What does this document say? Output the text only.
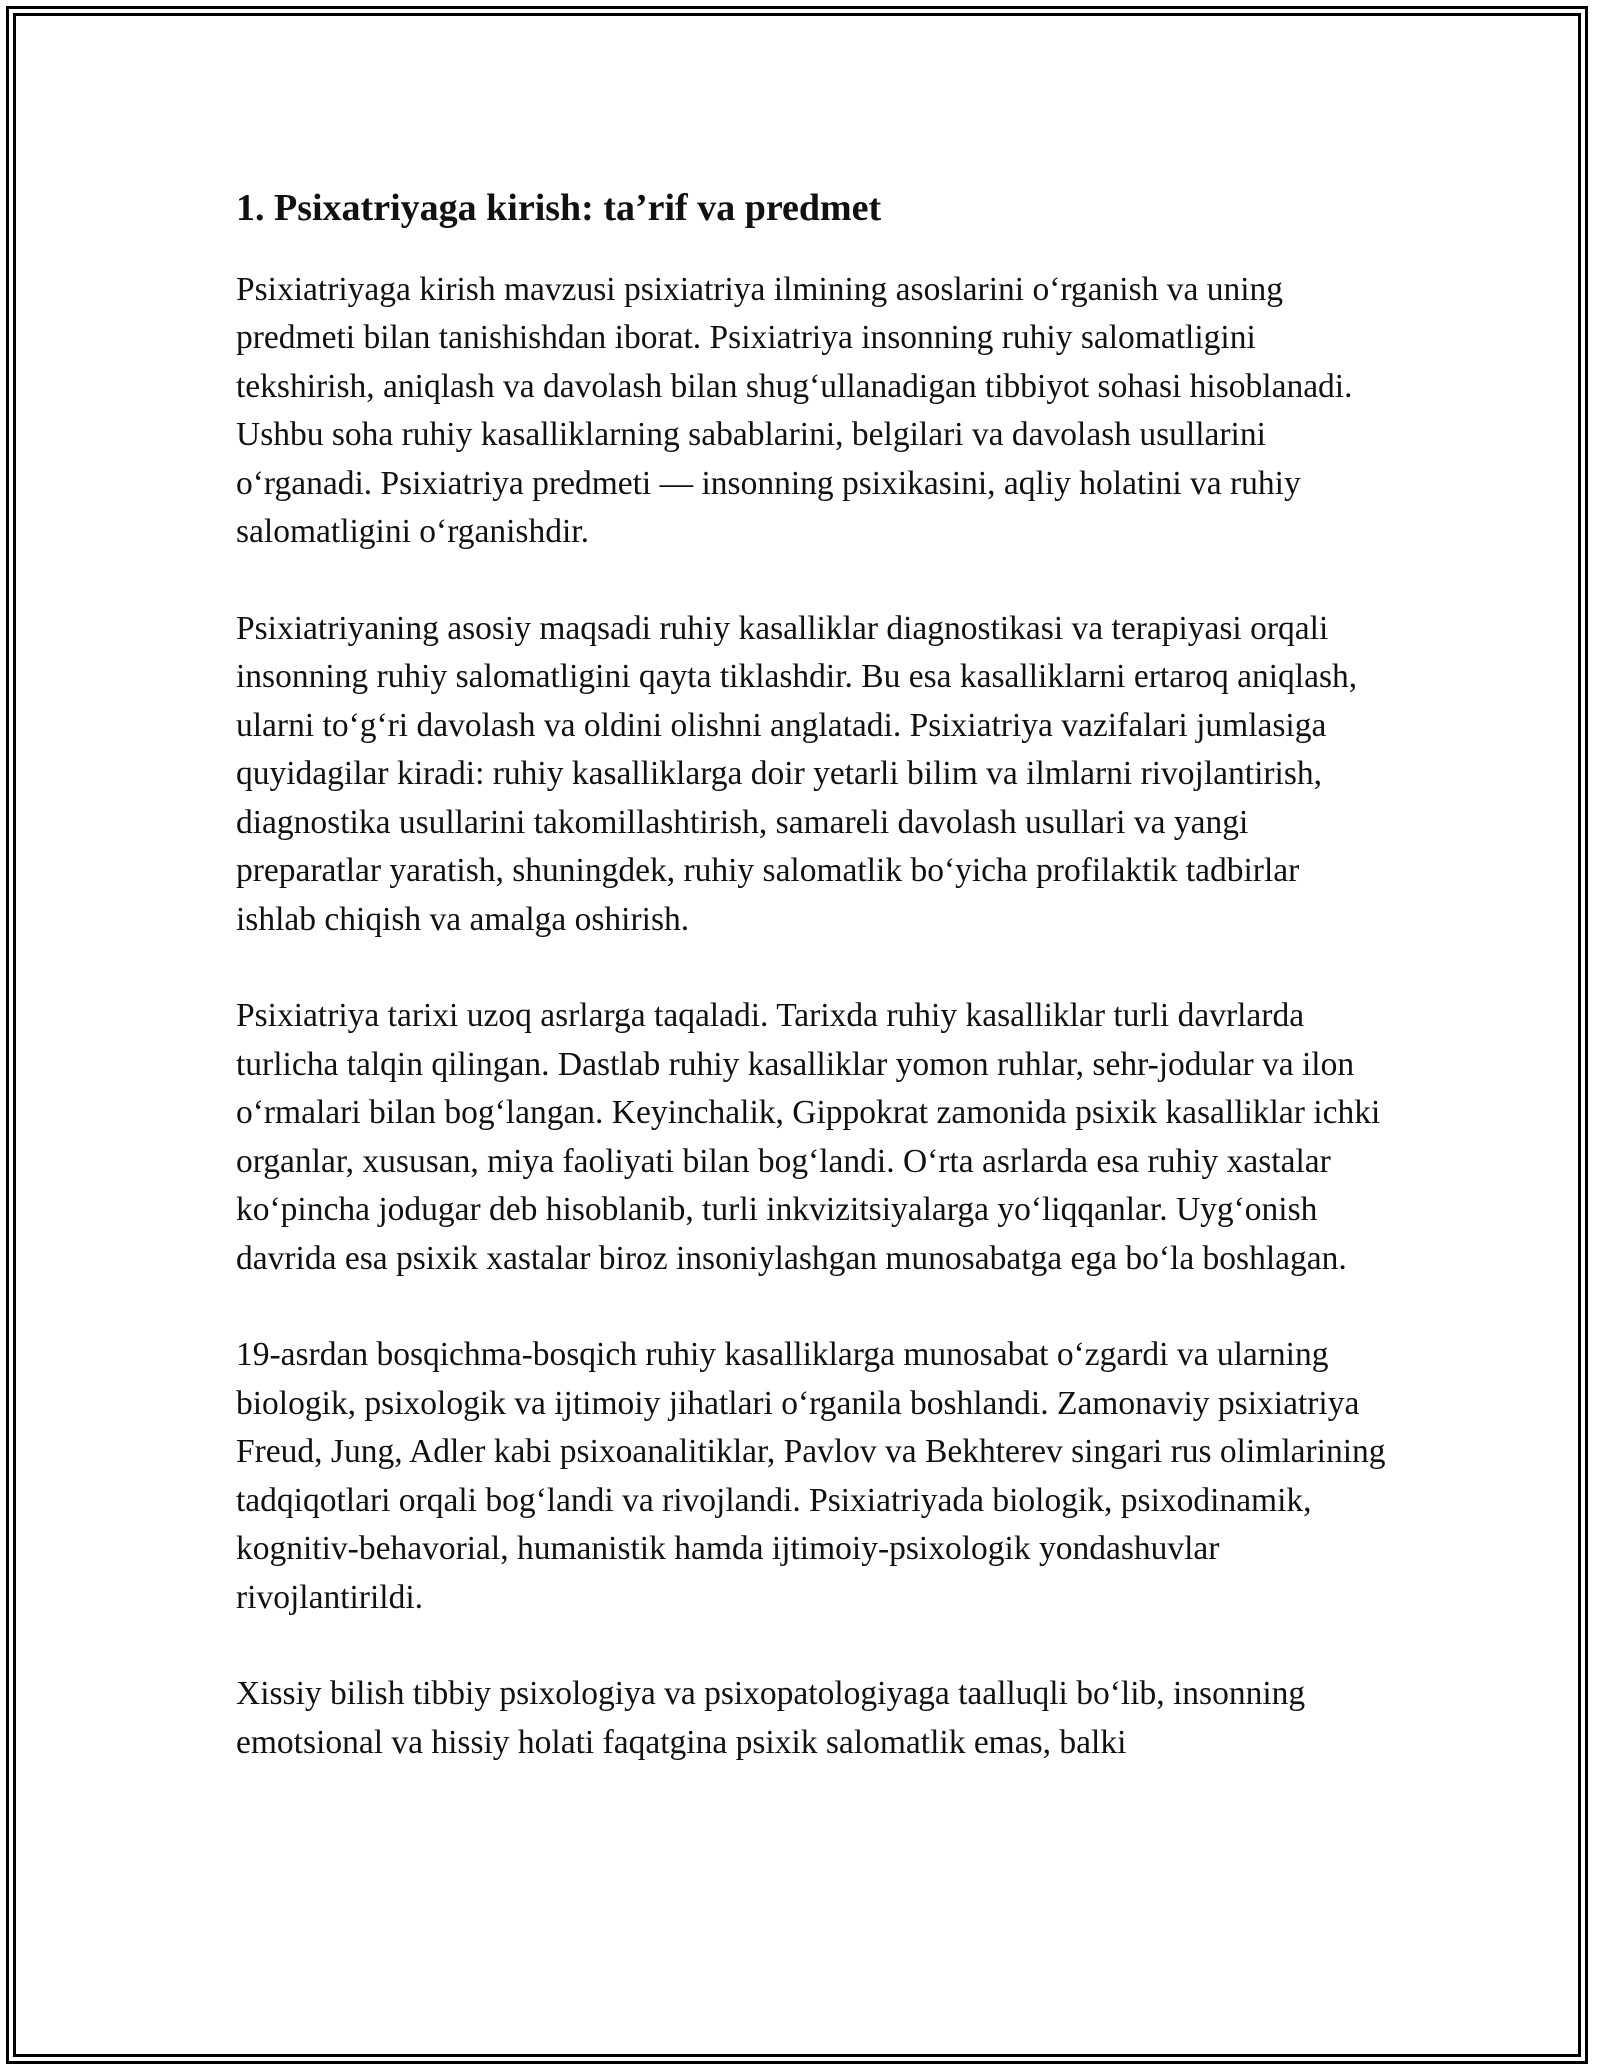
1. Psixatriyaga kirish: ta’rif va predmet

Psixiatriyaga kirish mavzusi psixiatriya ilmining asoslarini o‘rganish va uning predmeti bilan tanishishdan iborat. Psixiatriya insonning ruhiy salomatligini tekshirish, aniqlash va davolash bilan shug‘ullanadigan tibbiyot sohasi hisoblanadi. Ushbu soha ruhiy kasalliklarning sabablarini, belgilari va davolash usullarini o‘rganadi. Psixiatriya predmeti — insonning psixikasini, aqliy holatini va ruhiy salomatligini o‘rganishdir.

Psixiatriyaning asosiy maqsadi ruhiy kasalliklar diagnostikasi va terapiyasi orqali insonning ruhiy salomatligini qayta tiklashdir. Bu esa kasalliklarni ertaroq aniqlash, ularni to‘g‘ri davolash va oldini olishni anglatadi. Psixiatriya vazifalari jumlasiga quyidagilar kiradi: ruhiy kasalliklarga doir yetarli bilim va ilmlarni rivojlantirish, diagnostika usullarini takomillashtirish, samareli davolash usullari va yangi preparatlar yaratish, shuningdek, ruhiy salomatlik bo‘yicha profilaktik tadbirlar ishlab chiqish va amalga oshirish.

Psixiatriya tarixi uzoq asrlarga taqaladi. Tarixda ruhiy kasalliklar turli davrlarda turlicha talqin qilingan. Dastlab ruhiy kasalliklar yomon ruhlar, sehr-jodular va ilon o‘rmalari bilan bog‘langan. Keyinchalik, Gippokrat zamonida psixik kasalliklar ichki organlar, xususan, miya faoliyati bilan bog‘landi. O‘rta asrlarda esa ruhiy xastalar ko‘pincha jodugar deb hisoblanib, turli inkvizitsiyalarga yo‘liqqanlar. Uyg‘onish davrida esa psixik xastalar biroz insoniylashgan munosabatga ega bo‘la boshlagan.

19-asrdan bosqichma-bosqich ruhiy kasalliklarga munosabat o‘zgardi va ularning biologik, psixologik va ijtimoiy jihatlari o‘rganila boshlandi. Zamonaviy psixiatriya Freud, Jung, Adler kabi psixoanalitiklar, Pavlov va Bekhterev singari rus olimlarining tadqiqotlari orqali bog‘landi va rivojlandi. Psixiatriyada biologik, psixodinamik, kognitiv-behavorial, humanistik hamda ijtimoiy-psixologik yondashuvlar rivojlantirildi.

Xissiy bilish tibbiy psixologiya va psixopatologiyaga taalluqli bo‘lib, insonning emotsional va hissiy holati faqatgina psixik salomatlik emas, balki
